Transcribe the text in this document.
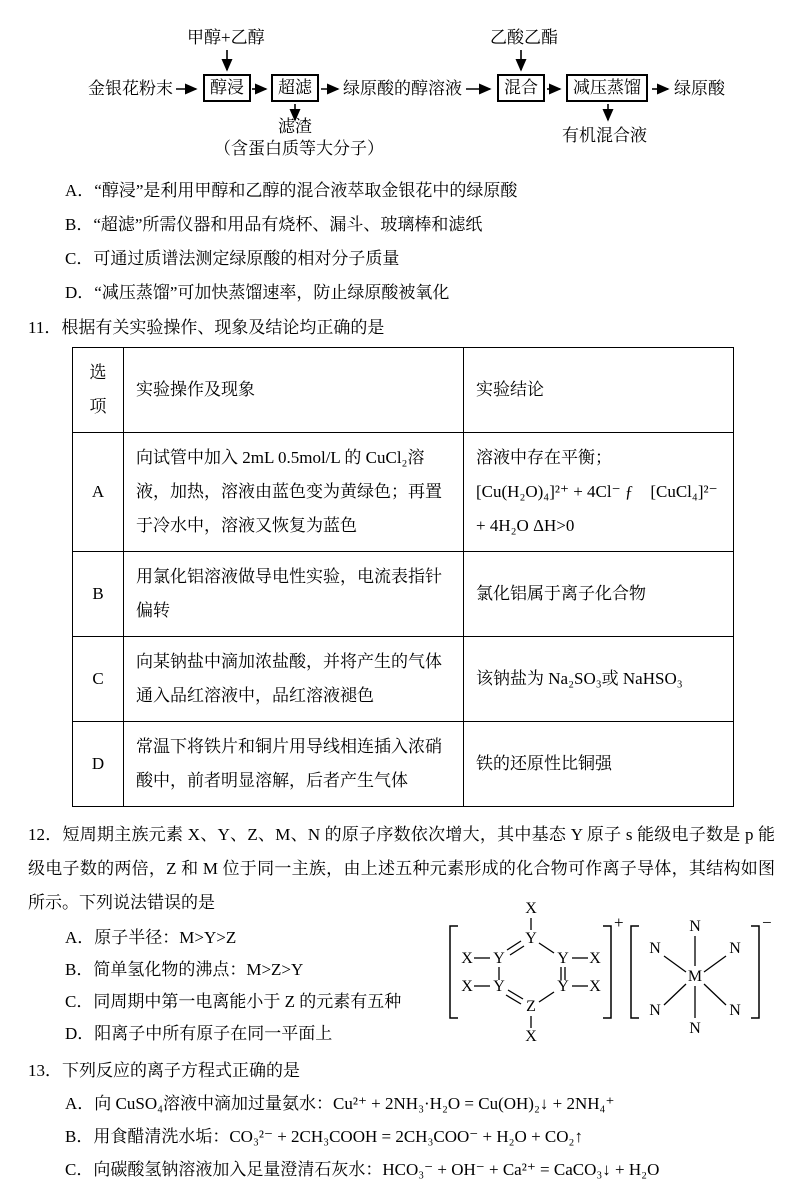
甲醇+乙醇	乙酸乙酯
金银花粉末	醇浸	超滤	绿原酸的醇溶液	混合	减压蒸馏	绿原酸
滤渣
（含蛋白质等大分子）
有机混合液

A．“醇浸”是利用甲醇和乙醇的混合液萃取金银花中的绿原酸

B．“超滤”所需仪器和用品有烧杯、漏斗、玻璃棒和滤纸

C．可通过质谱法测定绿原酸的相对分子质量

D．“减压蒸馏”可加快蒸馏速率，防止绿原酸被氧化

11．根据有关实验操作、现象及结论均正确的是

选项	实验操作及现象	实验结论
A	向试管中加入 2mL 0.5mol/L 的 CuCl₂溶液，加热，溶液由蓝色变为黄绿色；再置于冷水中，溶液又恢复为蓝色	溶液中存在平衡；
[Cu(H₂O)₄]²⁺ + 4Cl⁻ ƒ　[CuCl₄]²⁻ + 4H₂O ΔH>0

B	用氯化铝溶液做导电性实验，电流表指针偏转	氯化铝属于离子化合物
C	向某钠盐中滴加浓盐酸，并将产生的气体通入品红溶液中，品红溶液褪色	该钠盐为 Na₂SO₃或 NaHSO₃
D	常温下将铁片和铜片用导线相连插入浓硝酸中，前者明显溶解，后者产生气体	铁的还原性比铜强

12．短周期主族元素 X、Y、Z、M、N 的原子序数依次增大，其中基态 Y 原子 s 能级电子数是 p 能级电子数的两倍，Z 和 M 位于同一主族，由上述五种元素形成的化合物可作离子导体，其结构如图所示。下列说法错误的是

A．原子半径：M>Y>Z

B．简单氢化物的沸点：M>Z>Y

C．同周期中第一电离能小于 Z 的元素有五种

D．阳离子中所有原子在同一平面上

+
X
Y
X Y	Y X
X Y	Y X
Z
X
−
M
N
N
N	N
N	N

13．下列反应的离子方程式正确的是

A．向 CuSO₄溶液中滴加过量氨水：Cu²⁺ + 2NH₃·H₂O = Cu(OH)₂↓ + 2NH₄⁺

B．用食醋清洗水垢：CO₃²⁻ + 2CH₃COOH = 2CH₃COO⁻ + H₂O + CO₂↑

C．向碳酸氢钠溶液加入足量澄清石灰水：HCO₃⁻ + OH⁻ + Ca²⁺ = CaCO₃↓ + H₂O
